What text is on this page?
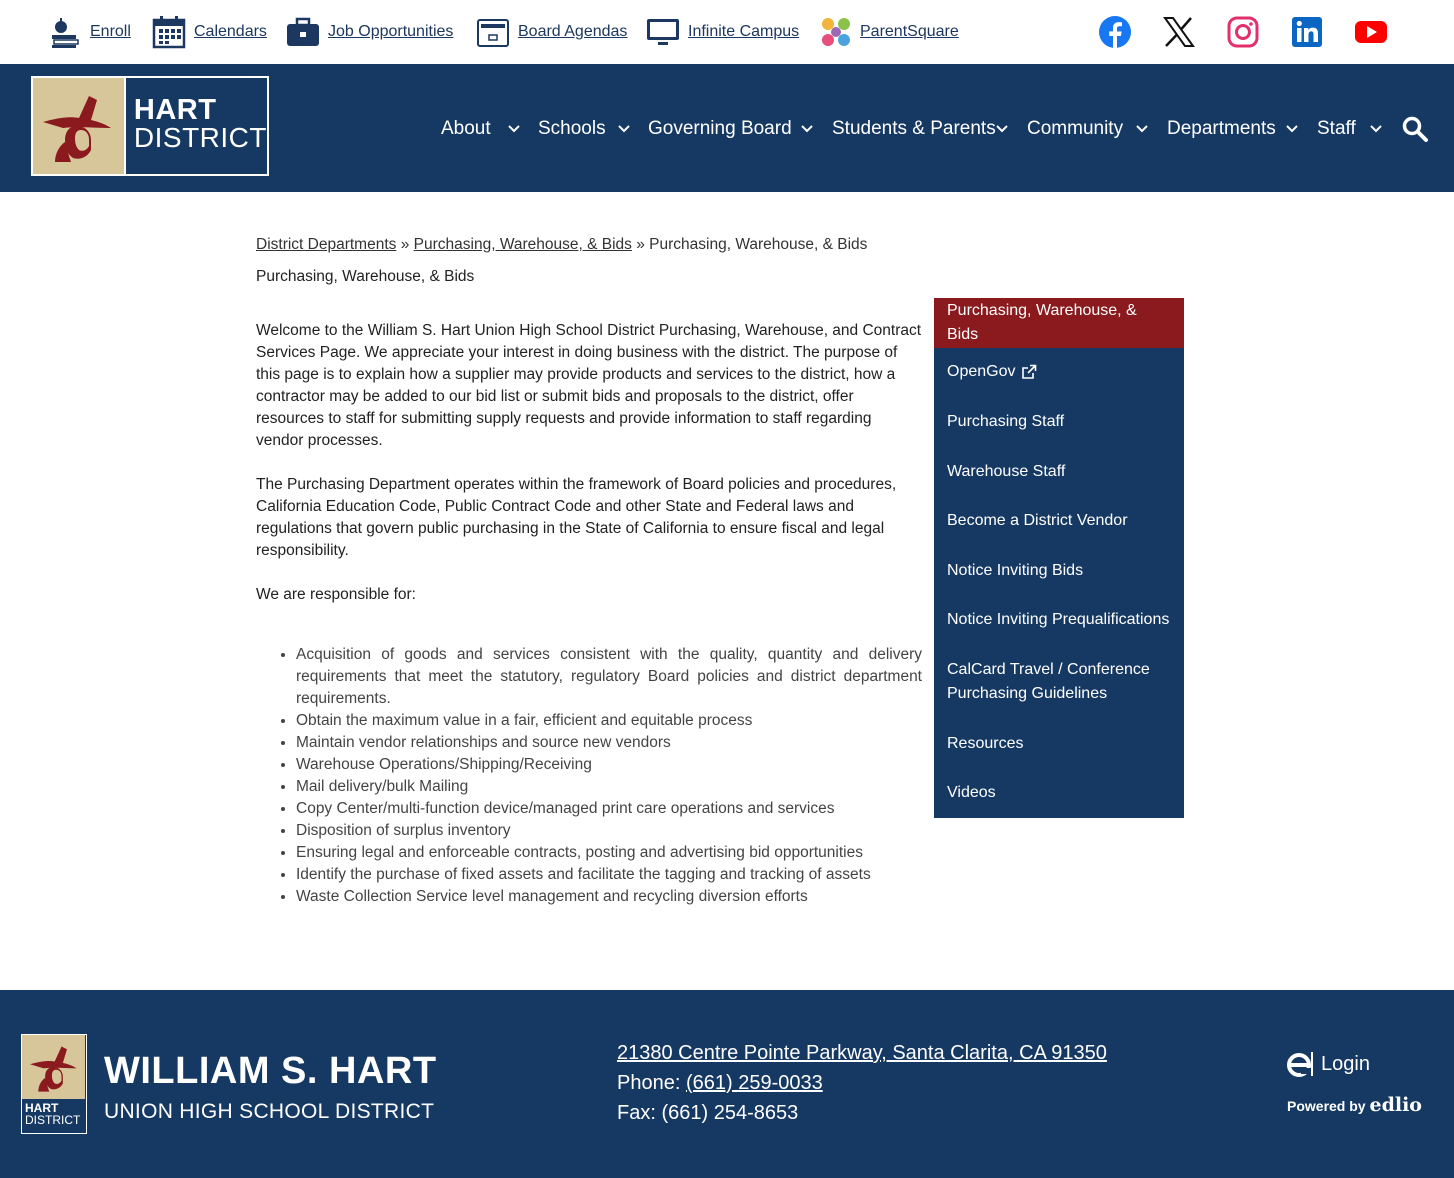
Enroll	Calendars	Job Opportunities	Board Agendas	Infinite Campus	ParentSquare
HART
DISTRICT	About Schools Governing Board Students & Parents Community Departments Staff
District Departments » Purchasing, Warehouse, & Bids » Purchasing, Warehouse, & Bids
Purchasing, Warehouse, & Bids

Welcome to the William S. Hart Union High School District Purchasing, Warehouse, and Contract Services Page. We appreciate your interest in doing business with the district. The purpose of this page is to explain how a supplier may provide products and services to the district, how a contractor may be added to our bid list or submit bids and proposals to the district, offer resources to staff for submitting supply requests and provide information to staff regarding vendor processes.

The Purchasing Department operates within the framework of Board policies and procedures, California Education Code, Public Contract Code and other State and Federal laws and regulations that govern public purchasing in the State of California to ensure fiscal and legal responsibility.

We are responsible for:

• Acquisition of goods and services consistent with the quality, quantity and delivery requirements that meet the statutory, regulatory Board policies and district department requirements.
• Obtain the maximum value in a fair, efficient and equitable process
• Maintain vendor relationships and source new vendors
• Warehouse Operations/Shipping/Receiving
• Mail delivery/bulk Mailing
• Copy Center/multi-function device/managed print care operations and services
• Disposition of surplus inventory
• Ensuring legal and enforceable contracts, posting and advertising bid opportunities
• Identify the purchase of fixed assets and facilitate the tagging and tracking of assets
• Waste Collection Service level management and recycling diversion efforts
Purchasing, Warehouse, & Bids
OpenGov
Purchasing Staff
Warehouse Staff
Become a District Vendor
Notice Inviting Bids
Notice Inviting Prequalifications
CalCard Travel / Conference Purchasing Guidelines
Resources
Videos
HART
DISTRICT
WILLIAM S. HART
UNION HIGH SCHOOL DISTRICT
21380 Centre Pointe Parkway, Santa Clarita, CA 91350
Phone: (661) 259-0033
Fax: (661) 254-8653
Login
Powered by edlio
